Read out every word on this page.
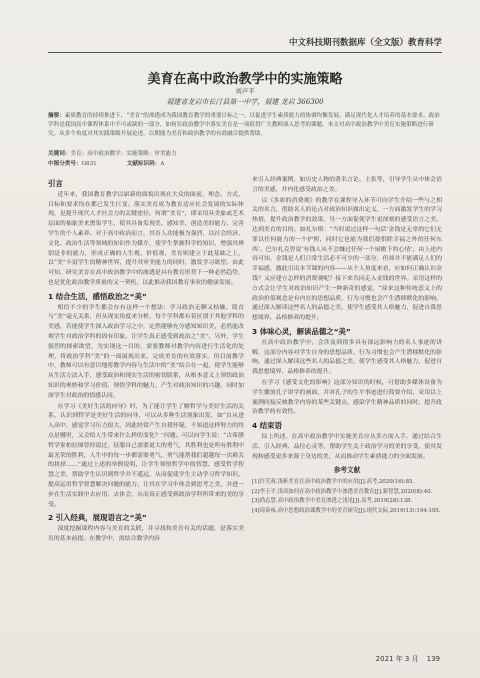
中文科技期刊数据库（全文版）教育科学
美育在高中政治教学中的实施策略
刘声平
福建省龙岩市长汀县第一中学，福建 龙岩 366300
摘要：素质教育的持续推进下，“美育”的渗透成为我国教育教学的重要目标之一，以促进学生素质能力的协调均衡发展，满足现代化人才培养的基本要求。政治学科是我国高中课程体系中不可或缺的一部分，如何在政治教学中落实美育是一项值得广大教师深入思考的课题。本文对高中政治教学中美育实施策略进行研究，从多个角度对其实践策略开展论述，以期能为美育和政治教学的有效融合提供帮助。
关键词：美育；高中政治教学；实施策略；审美能力
中图分类号：G631	文献标识码：A
引言

近年来，我国教育教学以崭新的面貌出现在大众的面前，理念、方式、目标和要求均在都已发生巨变。落实美育成为教育适应社会发展的实际体现，是提升现代人才社会力的关键途径。何谓“美育”，即采用具美象或艺术层面的抽象美来熏染学生，使其具备发现美、感知美、创造美的能力，完善学生的个人素养。对于高中政治而言，其育人功能极为强烈，以社会经济、文化、政治生活等领域的知识作为媒介，使学生掌握科学的知识，增强其辨别是非的能力，形成正确的人生观、价值观，美育则建立于此基础之上，以“美”丰富学生的精神世界，提升其审美能力的同时，激发学习欲望。由此可知，研究美育在高中政治教学中的渗透是具有教育形势下一种必然趋势，也是优化政治教学质量的又一契机，以此推动我国教育事业的健康发展。

1 结合生活，感悟政治之“美”

相信不少的学生都会存有这样一个想法：学习政治无聊又枯燥。简直与“美”毫无关系，但从现实角度来分析，每个学科都有着区别于其他学科的美感，若能使学生深入政治学习之中，定然能够充分感知知识美，必然能改观学生对政治学科的固有印象，让学生真正感受到政治之“美”。另外，学生强烈的探索欲望，为实现这一目的，需要教师对教学内容进行生活化的处理，将政治学科“美”的一面展现出来，完成美育的有效落实。但目前教学中，教师可以有意识地将教学内容与生活中的“美”结合在一起，使学生能够从生活方法入手，感受政治和现实生活的密切联系，从根本意义上领悟政治知识的奥妙和学习价值，领悟学科的魅力，产生对政治知识的兴趣，同时加深学生对政治的情感认同。

在学习《美好生活的向导》时，为了能让学生了解哲学与美好生活的关系，认识到哲学是美好生活的向导，可以从多种生活现象出发，如“自从进入高中，感觉学习压力很大，因此经常产生自我怀疑，不知道这样努力的终点是哪里，又会给人生带来什么样的变化？”问题。可以向学生说：“古希腊哲学家柏拉图曾经说过，征服自己需要更大的勇气，其胜利也是所有胜利中最光荣的胜利，人生中的每一步都需要勇气，勇气能帮我们超越每一次难关的抉择……”通过上述的举例说明，让学生领悟哲学中的智慧，感受哲学智慧之美，帮助学生认识到哲学并不遥远，从而促使学生主动学习哲学知识，提高运用哲学智慧解决问题的能力，让其在学习中体会到思考之美，并进一步在生活实践中去应用、去体会，从而真正感受到政治学科所带来的美的享受。

2 引入经典，展现语言之“美”

深度挖掘课程内容与美育的关联，并寻找和美育有关的话题，是落实美育的基本前提。在教学中，需结合教学内容

来引入经典案例，如历史人物的著名言论、主张等，引导学生从中体会语言的美感，并内化感受政治之美。

以《多彩的消费观》的教学在课程导入环节可向学生介绍一些与之相关的名言，借助名人的论点对政治知识做出定义，一方面激发学生的学习热情，提升政治教学的效果，另一方面促使学生更深刻的感受语言之美。达到美育的目的。如扎尔斯：“当时说过这样一句话‘金钱是无辜的它们无罪以任何能力的一个护照，同时它也能为我们提供除幸福之外的任何东西’。巴尔扎克曾说‘有钱人从不会嫌过任何一个屋檐下的心情’。由上述内容可知，金钱是人们日常生活必不可少的一部分，但却并不能满足人们的幸福感，激此引出本节课的内容——从个人角度来看，应如何正确认识金钱？又应建立怎样的消费观呢？接下来共同走入金钱的世界。采用这样的方式会让学生对政治知识产生一种新奇的感觉，“原来这种传统意义上的政治价值观念是有内在的思想品质，行为习惯也会产生潜移默化的影响，通过深入解读这些名人的品德之美，使学生感受其人格魅力，促进自我思想境界、品格修养的提升。

3 体味心灵，解读品德之“美”

在高中政治教学中，会涉及到很多具有深远影响力的名人事迹的讲解，这部分内容对学生自身的思想品质、行为习惯也会产生潜移默化的影响，通过深入解读这些名人的品德之美，使学生感受其人格魅力，促进自我思想境界、品格修养的提升。

在学习《感受文化的影响》这部分知识的时候，可借助多媒体设备为学生播放孔子讲学的画面，并对孔子的生平事迹进行简要介绍，采用以上案例间接反映教学内容的某些关键点，感染学生精神品质的同时，提升政治教学的有效性。

4 结束语

综上所述，在高中政治教学中实施美育应从多方面入手，通过结合生活、引入经典、品位心灵等，帮助学生关于政治学习的美的享受，使其发现和感受更多来源于身边的美，从而推动学生素质能力的全面发展。

参考文献

[1]许芙蓉.浅析美育在高中政治教学中的应用[J].高考,2020(16):85.

[2]李玉平.浅谈如何在高中政治教学中渗透美育教育[J].新智慧,2020(8):40.

[3]尚志慧.高中政治教学中美育渗透之浅见[J].高考,2019(28):138.

[4]周泰雍.高中思想政治课教学中的美育研究[J].现代交际,2019(13):194-195.

2021 年 3 月 139
